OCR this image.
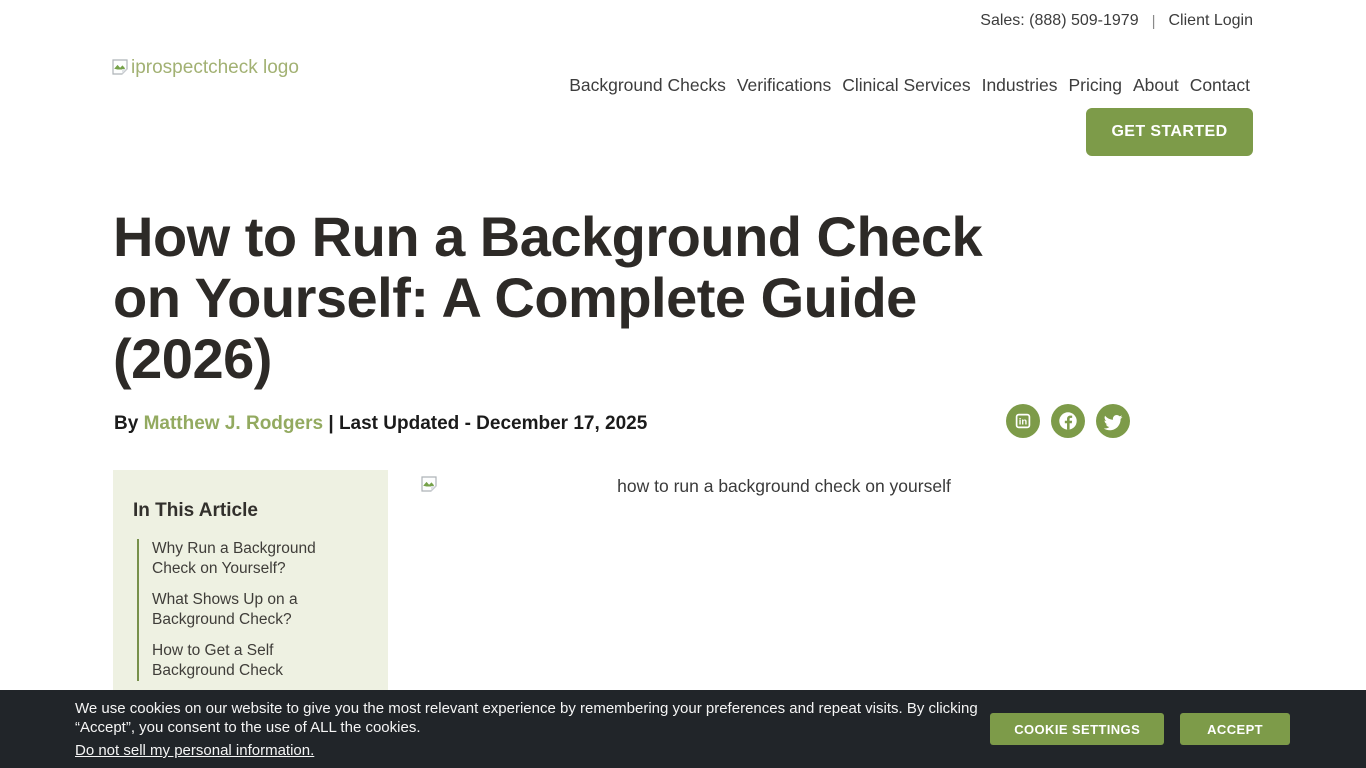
Sales: (888) 509-1979 | Client Login
iprospectcheck logo
Background Checks Verifications Clinical Services Industries Pricing About Contact
GET STARTED
How to Run a Background Check
on Yourself: A Complete Guide
(2026)
By Matthew J. Rodgers | Last Updated - December 17, 2025	in
In This Article
Why Run a Background Check on Yourself?
What Shows Up on a Background Check?
How to Get a Self Background Check
how to run a background check on yourself
We use cookies on our website to give you the most relevant experience by remembering your preferences and repeat visits. By clicking
“Accept”, you consent to the use of ALL the cookies.
Do not sell my personal information.
COOKIE SETTINGS	ACCEPT
